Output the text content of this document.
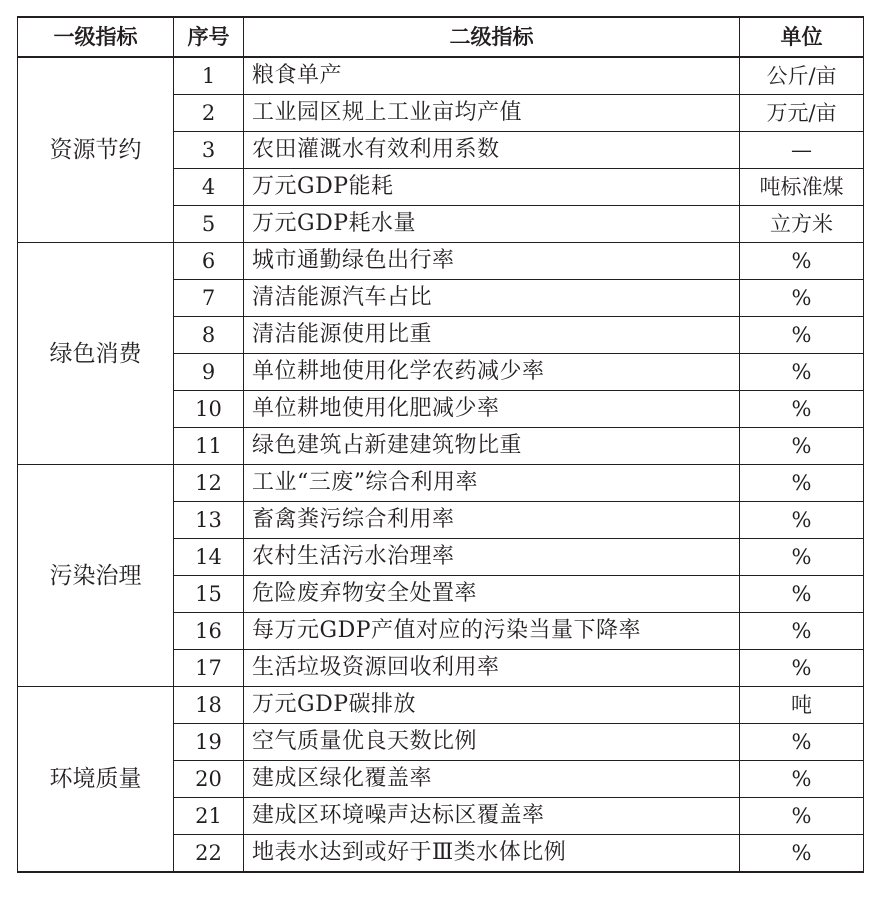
一级指标	序号	二级指标	单位
资源节约	1	粮食单产	公斤/亩
	2	工业园区规上工业亩均产值	万元/亩
	3	农田灌溉水有效利用系数	—
	4	万元GDP能耗	吨标准煤
	5	万元GDP耗水量	立方米
绿色消费	6	城市通勤绿色出行率	%
	7	清洁能源汽车占比	%
	8	清洁能源使用比重	%
	9	单位耕地使用化学农药减少率	%
	10	单位耕地使用化肥减少率	%
	11	绿色建筑占新建建筑物比重	%
污染治理	12	工业“三废”综合利用率	%
	13	畜禽粪污综合利用率	%
	14	农村生活污水治理率	%
	15	危险废弃物安全处置率	%
	16	每万元GDP产值对应的污染当量下降率	%
	17	生活垃圾资源回收利用率	%
环境质量	18	万元GDP碳排放	吨
	19	空气质量优良天数比例	%
	20	建成区绿化覆盖率	%
	21	建成区环境噪声达标区覆盖率	%
	22	地表水达到或好于Ⅲ类水体比例	%
